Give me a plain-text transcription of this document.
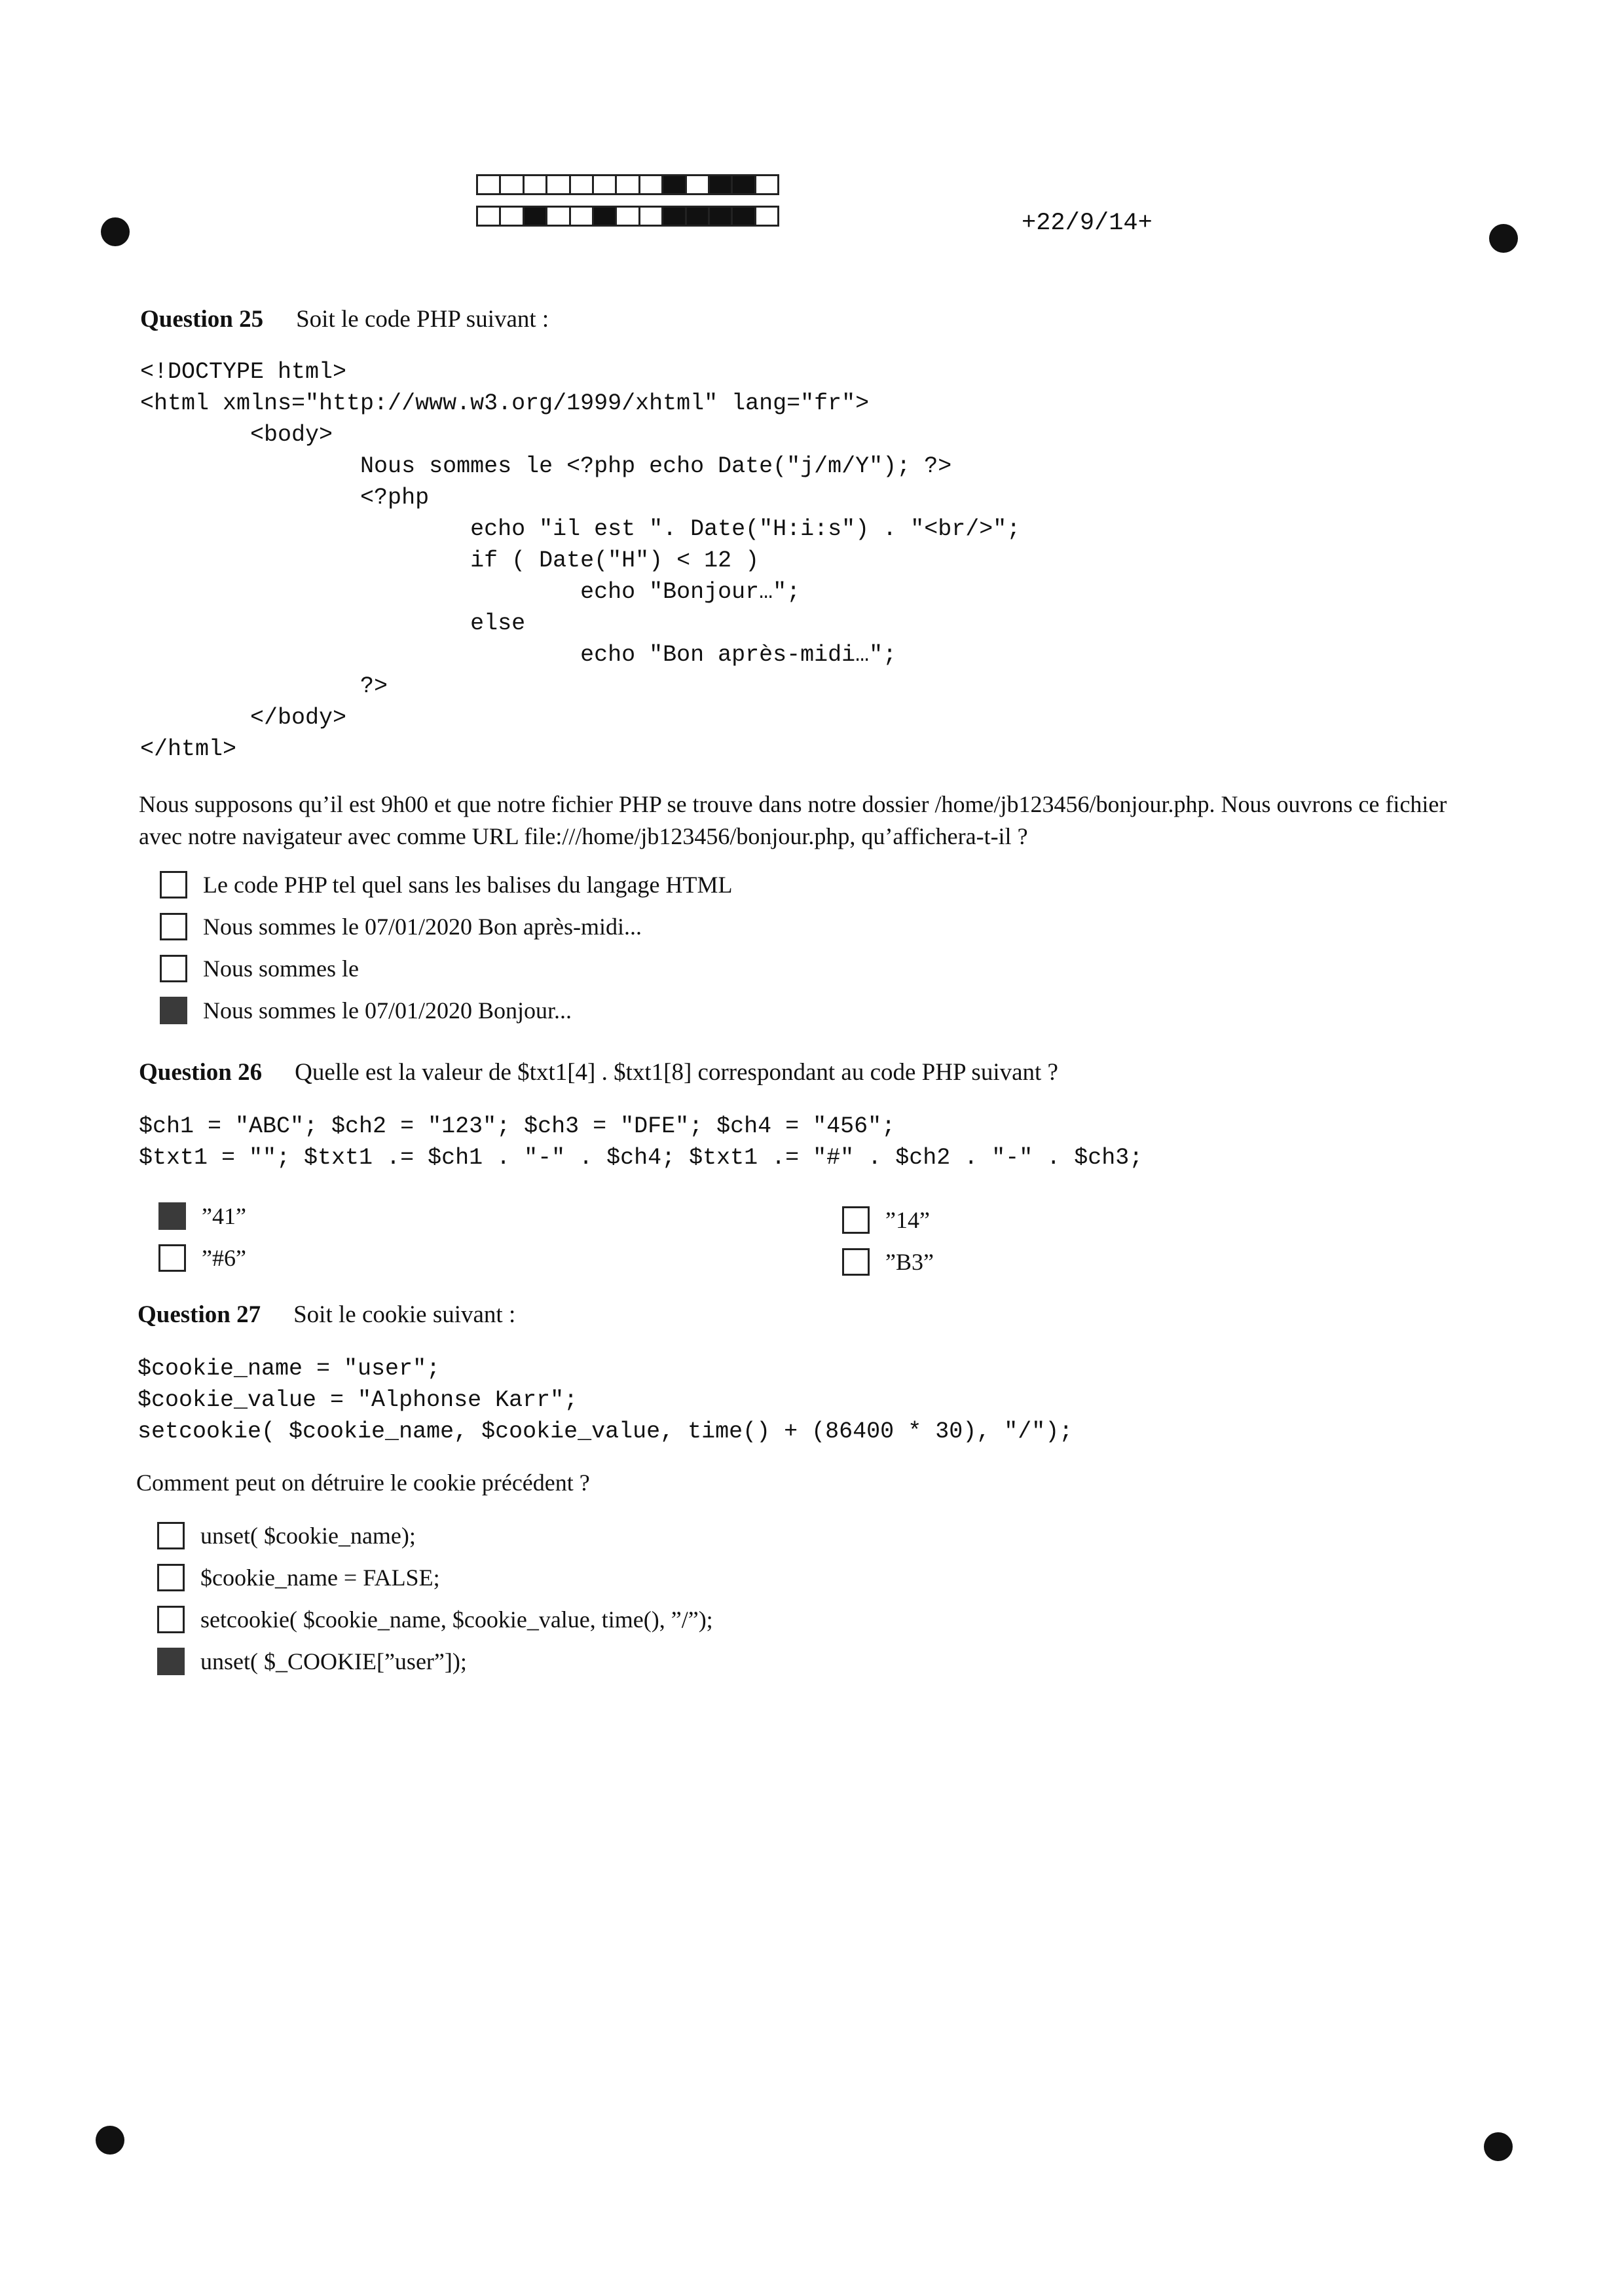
+22/9/14+
Question 25 Soit le code PHP suivant :
<!DOCTYPE html>
<html xmlns="http://www.w3.org/1999/xhtml" lang="fr">
<body>
Nous sommes le <?php echo Date("j/m/Y"); ?>
<?php
echo "il est ". Date("H:i:s") . "<br/>";
if ( Date("H") < 12 )
echo "Bonjour…";
else
echo "Bon après-midi…";
?>
</body>
</html>
Nous supposons qu’il est 9h00 et que notre fichier PHP se trouve dans notre dossier /home/jb123456/bonjour.php. Nous ouvrons ce fichier avec notre navigateur avec comme URL file:///home/jb123456/bonjour.php, qu’affichera-t-il ?
Le code PHP tel quel sans les balises du langage HTML
Nous sommes le 07/01/2020 Bon après-midi...
Nous sommes le
Nous sommes le 07/01/2020 Bonjour...
Question 26 Quelle est la valeur de $txt1[4] . $txt1[8] correspondant au code PHP suivant ?
$ch1 = "ABC"; $ch2 = "123"; $ch3 = "DFE"; $ch4 = "456";
$txt1 = ""; $txt1 .= $ch1 . "-" . $ch4; $txt1 .= "#" . $ch2 . "-" . $ch3;
”41”
”#6”
”14”
”B3”
Question 27 Soit le cookie suivant :
$cookie_name = "user";
$cookie_value = "Alphonse Karr";
setcookie( $cookie_name, $cookie_value, time() + (86400 * 30), "/");
Comment peut on détruire le cookie précédent ?
unset( $cookie_name);
$cookie_name = FALSE;
setcookie( $cookie_name, $cookie_value, time(), ”/”);
unset( $_COOKIE[”user”]);
